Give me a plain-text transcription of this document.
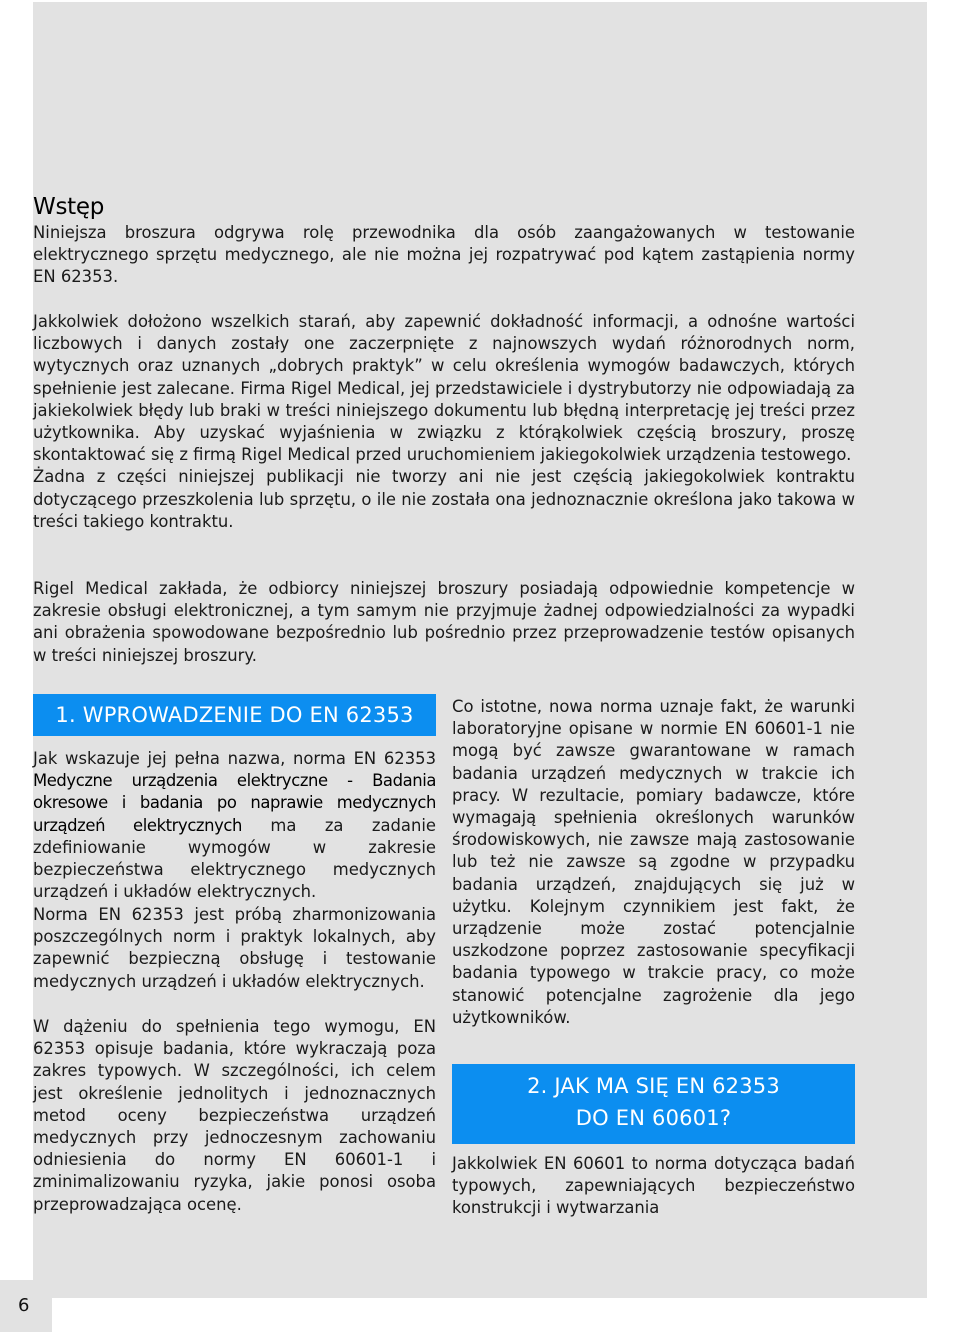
Wstęp

Niniejsza broszura odgrywa rolę przewodnika dla osób zaangażowanych w testowanie elektrycznego sprzętu medycznego, ale nie można jej rozpatrywać pod kątem zastąpienia normy EN 62353.

Jakkolwiek dołożono wszelkich starań, aby zapewnić dokładność informacji, a odnośne wartości liczbowych i danych zostały one zaczerpnięte z najnowszych wydań różnorodnych norm, wytycznych oraz uznanych „dobrych praktyk” w celu określenia wymogów badawczych, których spełnienie jest zalecane. Firma Rigel Medical, jej przedstawiciele i dystrybutorzy nie odpowiadają za jakiekolwiek błędy lub braki w treści niniejszego dokumentu lub błędną interpretację jej treści przez użytkownika. Aby uzyskać wyjaśnienia w związku z którąkolwiek częścią broszury, proszę skontaktować się z firmą Rigel Medical przed uruchomieniem jakiegokolwiek urządzenia testowego.
Żadna z części niniejszej publikacji nie tworzy ani nie jest częścią jakiegokolwiek kontraktu dotyczącego przeszkolenia lub sprzętu, o ile nie została ona jednoznacznie określona jako takowa w treści takiego kontraktu.

Rigel Medical zakłada, że odbiorcy niniejszej broszury posiadają odpowiednie kompetencje w zakresie obsługi elektronicznej, a tym samym nie przyjmuje żadnej odpowiedzialności za wypadki ani obrażenia spowodowane bezpośrednio lub pośrednio przez przeprowadzenie testów opisanych w treści niniejszej broszury.

1. WPROWADZENIE DO EN 62353

Jak wskazuje jej pełna nazwa, norma EN 62353 Medyczne urządzenia elektryczne - Badania okresowe i badania po naprawie medycznych urządzeń elektrycznych ma za zadanie zdefiniowanie wymogów w zakresie bezpieczeństwa elektrycznego medycznych urządzeń i układów elektrycznych.

Norma EN 62353 jest próbą zharmonizowania poszczególnych norm i praktyk lokalnych, aby zapewnić bezpieczną obsługę i testowanie medycznych urządzeń i układów elektrycznych.

W dążeniu do spełnienia tego wymogu, EN 62353 opisuje badania, które wykraczają poza zakres typowych. W szczególności, ich celem jest określenie jednolitych i jednoznacznych metod oceny bezpieczeństwa urządzeń medycznych przy jednoczesnym zachowaniu odniesienia do normy EN 60601-1 i zminimalizowaniu ryzyka, jakie ponosi osoba przeprowadzająca ocenę.

Co istotne, nowa norma uznaje fakt, że warunki laboratoryjne opisane w normie EN 60601-1 nie mogą być zawsze gwarantowane w ramach badania urządzeń medycznych w trakcie ich pracy. W rezultacie, pomiary badawcze, które wymagają spełnienia określonych warunków środowiskowych, nie zawsze mają zastosowanie lub też nie zawsze są zgodne w przypadku badania urządzeń, znajdujących się już w użytku. Kolejnym czynnikiem jest fakt, że urządzenie może zostać potencjalnie uszkodzone poprzez zastosowanie specyfikacji badania typowego w trakcie pracy, co może stanowić potencjalne zagrożenie dla jego użytkowników.

2. JAK MA SIĘ EN 62353
DO EN 60601?

Jakkolwiek EN 60601 to norma dotycząca badań typowych, zapewniających bezpieczeństwo konstrukcji i wytwarzania

6
